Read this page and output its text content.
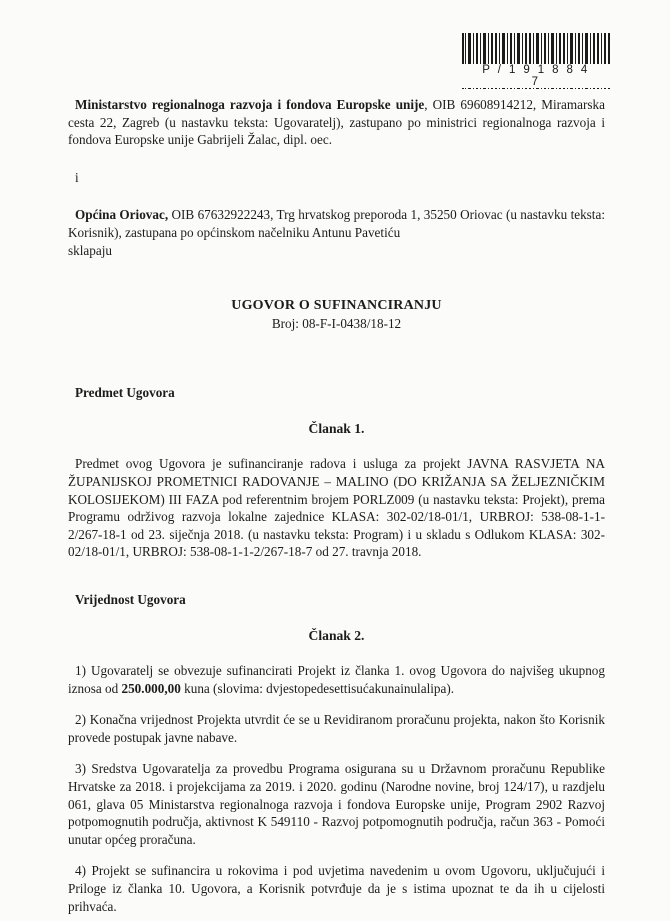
P / 1 9 1 8 8 4 7
Ministarstvo regionalnoga razvoja i fondova Europske unije, OIB 69608914212, Miramarska cesta 22, Zagreb (u nastavku teksta: Ugovaratelj), zastupano po ministrici regionalnoga razvoja i fondova Europske unije Gabrijeli Žalac, dipl. oec.
i
Općina Oriovac, OIB 67632922243, Trg hrvatskog preporoda 1, 35250 Oriovac (u nastavku teksta: Korisnik), zastupana po općinskom načelniku Antunu Pavetiću
sklapaju
UGOVOR O SUFINANCIRANJU
Broj: 08-F-I-0438/18-12
Predmet Ugovora
Članak 1.
Predmet ovog Ugovora je sufinanciranje radova i usluga za projekt JAVNA RASVJETA NA ŽUPANIJSKOJ PROMETNICI RADOVANJE – MALINO (DO KRIŽANJA SA ŽELJEZNIČKIM KOLOSIJEKOM) III FAZA pod referentnim brojem PORLZ009 (u nastavku teksta: Projekt), prema Programu održivog razvoja lokalne zajednice KLASA: 302-02/18-01/1, URBROJ: 538-08-1-1-2/267-18-1 od 23. siječnja 2018. (u nastavku teksta: Program) i u skladu s Odlukom KLASA: 302-02/18-01/1, URBROJ: 538-08-1-1-2/267-18-7 od 27. travnja 2018.
Vrijednost Ugovora
Članak 2.
1) Ugovaratelj se obvezuje sufinancirati Projekt iz članka 1. ovog Ugovora do najvišeg ukupnog iznosa od 250.000,00 kuna (slovima: dvjestopedesettisućakunainulalipa).
2) Konačna vrijednost Projekta utvrdit će se u Revidiranom proračunu projekta, nakon što Korisnik provede postupak javne nabave.
3) Sredstva Ugovaratelja za provedbu Programa osigurana su u Državnom proračunu Republike Hrvatske za 2018. i projekcijama za 2019. i 2020. godinu (Narodne novine, broj 124/17), u razdjelu 061, glava 05 Ministarstva regionalnoga razvoja i fondova Europske unije, Program 2902 Razvoj potpomognutih područja, aktivnost K 549110 - Razvoj potpomognutih područja, račun 363 - Pomoći unutar općeg proračuna.
4) Projekt se sufinancira u rokovima i pod uvjetima navedenim u ovom Ugovoru, uključujući i Priloge iz članka 10. Ugovora, a Korisnik potvrđuje da je s istima upoznat te da ih u cijelosti prihvaća.
